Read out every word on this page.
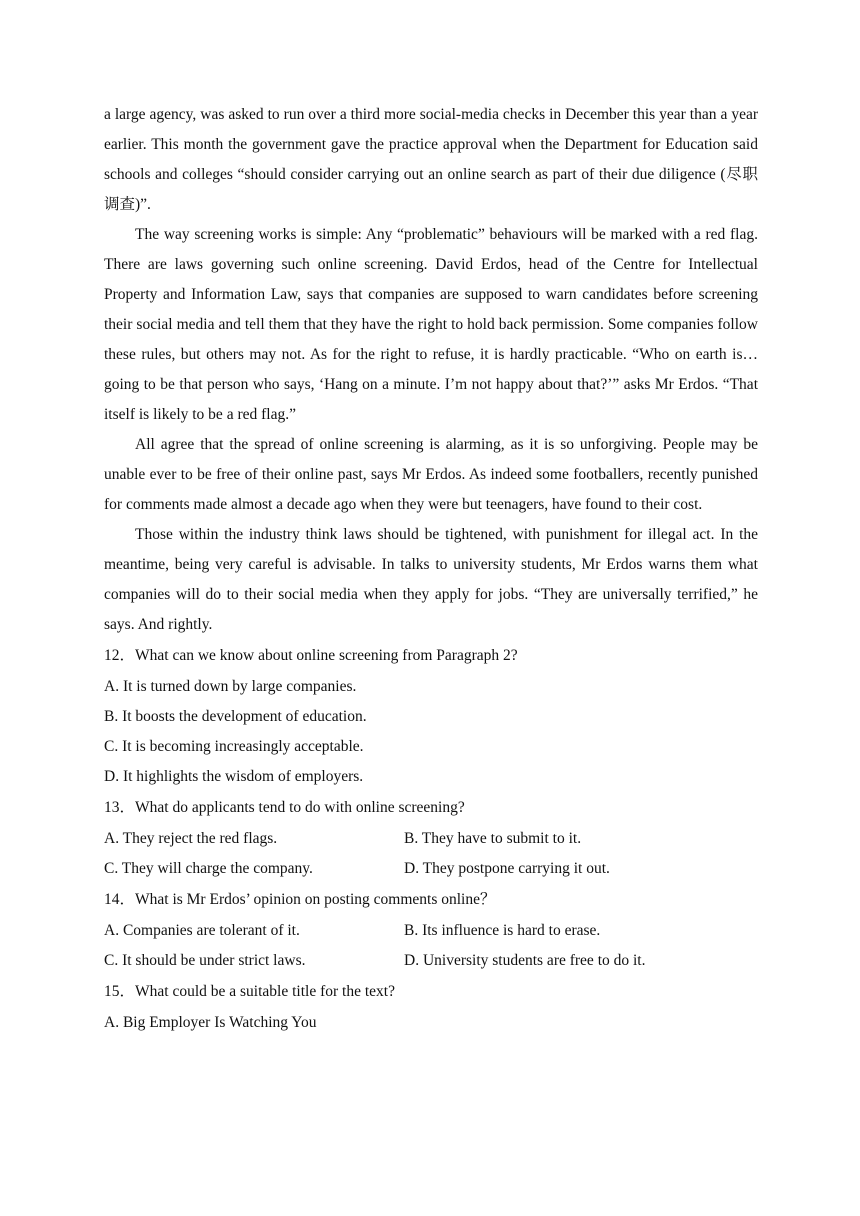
a large agency, was asked to run over a third more social-media checks in December this year than a year earlier. This month the government gave the practice approval when the Department for Education said schools and colleges “should consider carrying out an online search as part of their due diligence (尽职调查)”.

The way screening works is simple: Any “problematic” behaviours will be marked with a red flag. There are laws governing such online screening. David Erdos, head of the Centre for Intellectual Property and Information Law, says that companies are supposed to warn candidates before screening their social media and tell them that they have the right to hold back permission. Some companies follow these rules, but others may not. As for the right to refuse, it is hardly practicable. “Who on earth is… going to be that person who says, ‘Hang on a minute. I’m not happy about that?’” asks Mr Erdos. “That itself is likely to be a red flag.”

All agree that the spread of online screening is alarming, as it is so unforgiving. People may be unable ever to be free of their online past, says Mr Erdos. As indeed some footballers, recently punished for comments made almost a decade ago when they were but teenagers, have found to their cost.

Those within the industry think laws should be tightened, with punishment for illegal act. In the meantime, being very careful is advisable. In talks to university students, Mr Erdos warns them what companies will do to their social media when they apply for jobs. “They are universally terrified,” he says. And rightly.

12．What can we know about online screening from Paragraph 2?

A. It is turned down by large companies.

B. It boosts the development of education.

C. It is becoming increasingly acceptable.

D. It highlights the wisdom of employers.

13．What do applicants tend to do with online screening?

A. They reject the red flags.	B. They have to submit to it.
C. They will charge the company.	D. They postpone carrying it out.

14．What is Mr Erdos’ opinion on posting comments online？

A. Companies are tolerant of it.	B. Its influence is hard to erase.
C. It should be under strict laws.	D. University students are free to do it.

15．What could be a suitable title for the text?

A. Big Employer Is Watching You
